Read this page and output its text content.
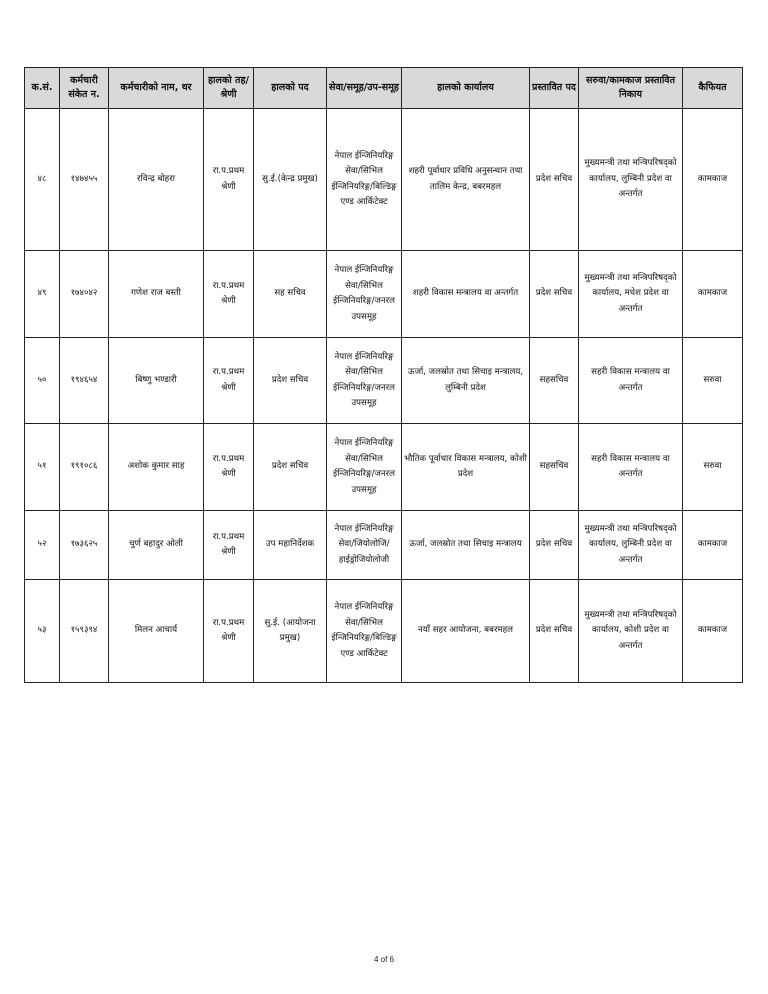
क.सं.	कर्मचारी संकेत न.	कर्मचारीको नाम, थर	हालको तह/श्रेणी	हालको पद	सेवा/समूह/उप-समूह	हालको कार्यालय	प्रस्तावित पद	सरुवा/कामकाज प्रस्तावित निकाय	कैफियत
४८	१४७४५५	रविन्द्र बोहरा	रा.प.प्रथम श्रेणी	सु.ई.(केन्द्र प्रमुख)	नेपाल ईन्जिनियरिङ्ग सेवा/सिभिल ईन्जिनियरिङ्ग/बिल्डिङ्ग एण्ड आर्किटेक्ट	शहरी पूर्वाधार प्रविधि अनुसन्धान तथा तालिम केन्द्र, बबरमहल	प्रदेश सचिव	मुख्यमन्त्री तथा मन्त्रिपरिषद्को कार्यालय, लुम्बिनी प्रदेश वा अन्तर्गत	कामकाज
४९	१७४०४२	गणेश राज बस्ती	रा.प.प्रथम श्रेणी	सह सचिव	नेपाल ईन्जिनियरिङ्ग सेवा/सिभिल ईन्जिनियरिङ्ग/जनरल उपसमूह	शहरी विकास मन्त्रालय वा अन्तर्गत	प्रदेश सचिव	मुख्यमन्त्री तथा मन्त्रिपरिषद्को कार्यालय, मधेश प्रदेश वा अन्तर्गत	कामकाज
५०	१९४६५४	बिष्णु भण्डारी	रा.प.प्रथम श्रेणी	प्रदेश सचिव	नेपाल ईन्जिनियरिङ्ग सेवा/सिभिल ईन्जिनियरिङ्ग/जनरल उपसमूह	ऊर्जा, जलस्रोत तथा सिचाइ मन्त्रालय, लुम्बिनी प्रदेश	सहसचिव	सहरी विकास मन्त्रालय वा अन्तर्गत	सरुवा
५१	१९१०८६	अशोक कुमार साह	रा.प.प्रथम श्रेणी	प्रदेश सचिव	नेपाल ईन्जिनियरिङ्ग सेवा/सिभिल ईन्जिनियरिङ्ग/जनरल उपसमूह	भौतिक पूर्वाधार विकास मन्त्रालय, कोशी प्रदेश	सहसचिव	सहरी विकास मन्त्रालय वा अन्तर्गत	सरुवा
५२	१७३६२५	चुर्ण बहादुर ओली	रा.प.प्रथम श्रेणी	उप महानिर्देशक	नेपाल ईन्जिनियरिङ्ग सेवा/जियोलोजि/हाईड्रोजियोलोजी	ऊर्जा, जलस्रोत तथा सिचाइ मन्त्रालय	प्रदेश सचिव	मुख्यमन्त्री तथा मन्त्रिपरिषद्को कार्यालय, लुम्बिनी प्रदेश वा अन्तर्गत	कामकाज
५३	१५९३९४	मिलन आचार्य	रा.प.प्रथम श्रेणी	सु.ई. (आयोजना प्रमुख)	नेपाल ईन्जिनियरिङ्ग सेवा/सिभिल ईन्जिनियरिङ्ग/बिल्डिङ्ग एण्ड आर्किटेक्ट	नयाँ सहर आयोजना, बबरमहल	प्रदेश सचिव	मुख्यमन्त्री तथा मन्त्रिपरिषद्को कार्यालय, कोशी प्रदेश वा अन्तर्गत	कामकाज
4 of 6
